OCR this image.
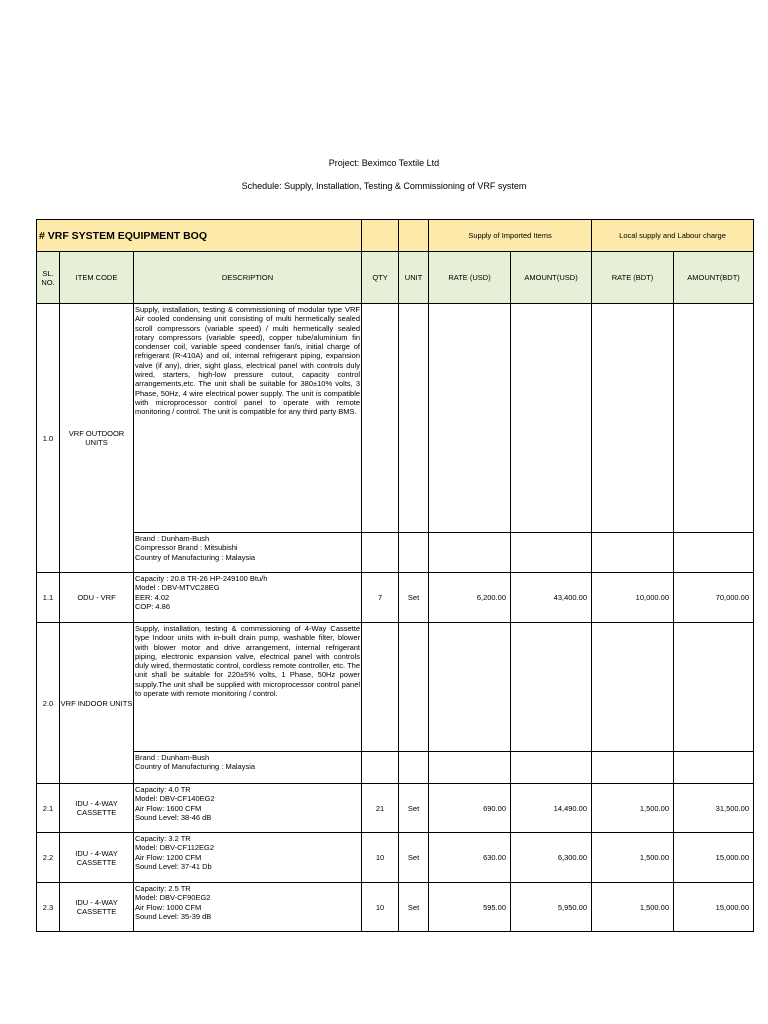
Project: Beximco Textile Ltd
Schedule: Supply, Installation, Testing & Commissioning of VRF system
# VRF SYSTEM EQUIPMENT BOQ					Supply of Imported Items		Local supply and Labour charge	
SL. NO.	ITEM CODE	DESCRIPTION	QTY	UNIT	RATE (USD)	AMOUNT(USD)	RATE (BDT)	AMOUNT(BDT)
1.0	VRF OUTDOOR UNITS	Supply, installation, testing & commissioning of modular type VRF Air cooled condensing unit consisting of multi hermetically sealed scroll compressors (variable speed) / multi hermetically sealed rotary compressors (variable speed), copper tube/aluminium fin condenser coil, variable speed condenser fan/s, initial charge of refrigerant (R-410A) and oil, internal refrigerant piping, expansion valve (if any), drier, sight glass, electrical panel with controls duly wired, starters, high-low pressure cutout, capacity control arrangements,etc. The unit shall be suitable for 380±10% volts, 3 Phase, 50Hz, 4 wire electrical power supply. The unit is compatible with microprocessor control panel to operate with remote monitoring / control. The unit is compatible for any third party BMS.						

		Brand : Dunham-Bush
Compressor Brand : Mitsubishi
Country of Manufacturing : Malaysia						

1.1	ODU - VRF	Capacity : 20.8 TR-26 HP-249100 Btu/h
Model : DBV-MTVC28EG
EER: 4.02
COP: 4.86	7	Set	6,200.00	43,400.00	10,000.00	70,000.00
2.0	VRF INDOOR UNITS	Supply, installation, testing & commissioning of 4-Way Cassette type Indoor units with in-built drain pump, washable filter, blower with blower motor and drive arrangement, internal refrigerant piping, electronic expansion valve, electrical panel with controls duly wired, thermostatic control, cordless remote controller, etc. The unit shall be suitable for 220±5% volts, 1 Phase, 50Hz power supply.The unit shall be supplied with microprocessor control panel to operate with remote monitoring / control.						

		Brand : Dunham-Bush
Country of Manufacturing : Malaysia						

2.1	IDU - 4-WAY CASSETTE	Capacity: 4.0 TR
Model: DBV-CF140EG2
Air Flow: 1600 CFM
Sound Level: 38-46 dB	21	Set	690.00	14,490.00	1,500.00	31,500.00
2.2	IDU - 4-WAY CASSETTE	Capacity: 3.2 TR
Model: DBV-CF112EG2
Air Flow: 1200 CFM
Sound Level: 37-41 Db	10	Set	630.00	6,300.00	1,500.00	15,000.00
2.3	IDU - 4-WAY CASSETTE	Capacity: 2.5 TR
Model: DBV-CF90EG2
Air Flow: 1000 CFM
Sound Level: 35-39 dB	10	Set	595.00	5,950.00	1,500.00	15,000.00
